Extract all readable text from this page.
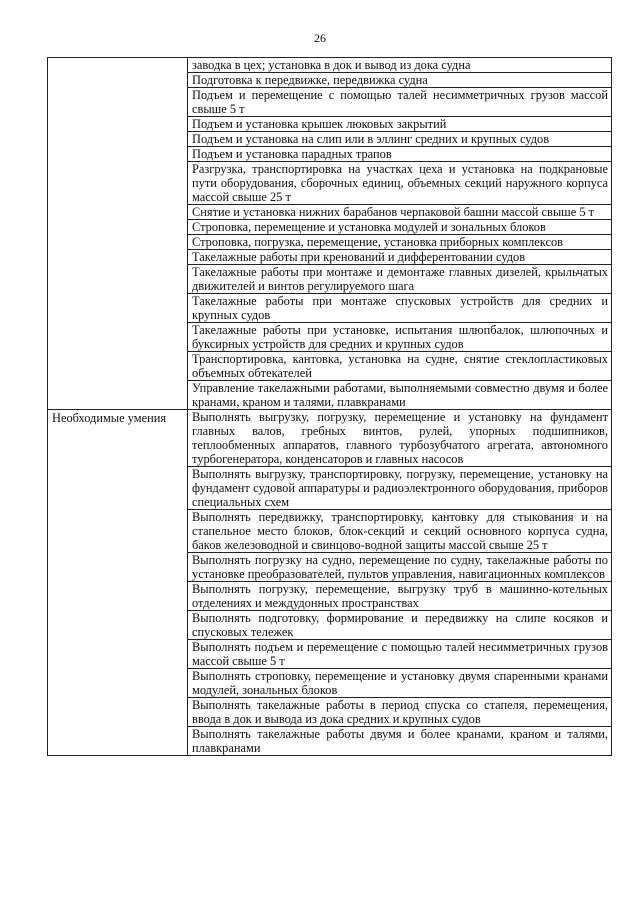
26
	заводка в цех; установка в док и вывод из дока судна
	Подготовка к передвижке, передвижка судна
	Подъем и перемещение с помощью талей несимметричных грузов массой свыше 5 т
	Подъем и установка крышек люковых закрытий
	Подъем и установка на слип или в эллинг средних и крупных судов
	Подъем и установка парадных трапов
	Разгрузка, транспортировка на участках цеха и установка на подкрановые пути оборудования, сборочных единиц, объемных секций наружного корпуса массой свыше 25 т
	Снятие и установка нижних барабанов черпаковой башни массой свыше 5 т
	Строповка, перемещение и установка модулей и зональных блоков
	Строповка, погрузка, перемещение, установка приборных комплексов
	Такелажные работы при кренований и дифферентовании судов
	Такелажные работы при монтаже и демонтаже главных дизелей, крыльчатых движителей и винтов регулируемого шага
	Такелажные работы при монтаже спусковых устройств для средних и крупных судов
	Такелажные работы при установке, испытания шлюпбалок, шлюпочных и буксирных устройств для средних и крупных судов
	Транспортировка, кантовка, установка на судне, снятие стеклопластиковых объемных обтекателей
	Управление такелажными работами, выполняемыми совместно двумя и более кранами, краном и талями, плавкранами

Необходимые умения	Выполнять выгрузку, погрузку, перемещение и установку на фундамент главных валов, гребных винтов, рулей, упорных подшипников, теплообменных аппаратов, главного турбозубчатого агрегата, автономного турбогенератора, конденсаторов и главных насосов
	Выполнять выгрузку, транспортировку, погрузку, перемещение, установку на фундамент судовой аппаратуры и радиоэлектронного оборудования, приборов специальных схем
	Выполнять передвижку, транспортировку, кантовку для стыкования и на стапельное место блоков, блок-секций и секций основного корпуса судна, баков железоводной и свинцово-водной защиты массой свыше 25 т
	Выполнять погрузку на судно, перемещение по судну, такелажные работы по установке преобразователей, пультов управления, навигационных комплексов
	Выполнять погрузку, перемещение, выгрузку труб в машинно-котельных отделениях и междудонных пространствах
	Выполнять подготовку, формирование и передвижку на слипе косяков и спусковых тележек
	Выполнять подъем и перемещение с помощью талей несимметричных грузов массой свыше 5 т
	Выполнять строповку, перемещение и установку двумя спаренными кранами модулей, зональных блоков
	Выполнять такелажные работы в период спуска со стапеля, перемещения, ввода в док и вывода из дока средних и крупных судов
	Выполнять такелажные работы двумя и более кранами, краном и талями, плавкранами
